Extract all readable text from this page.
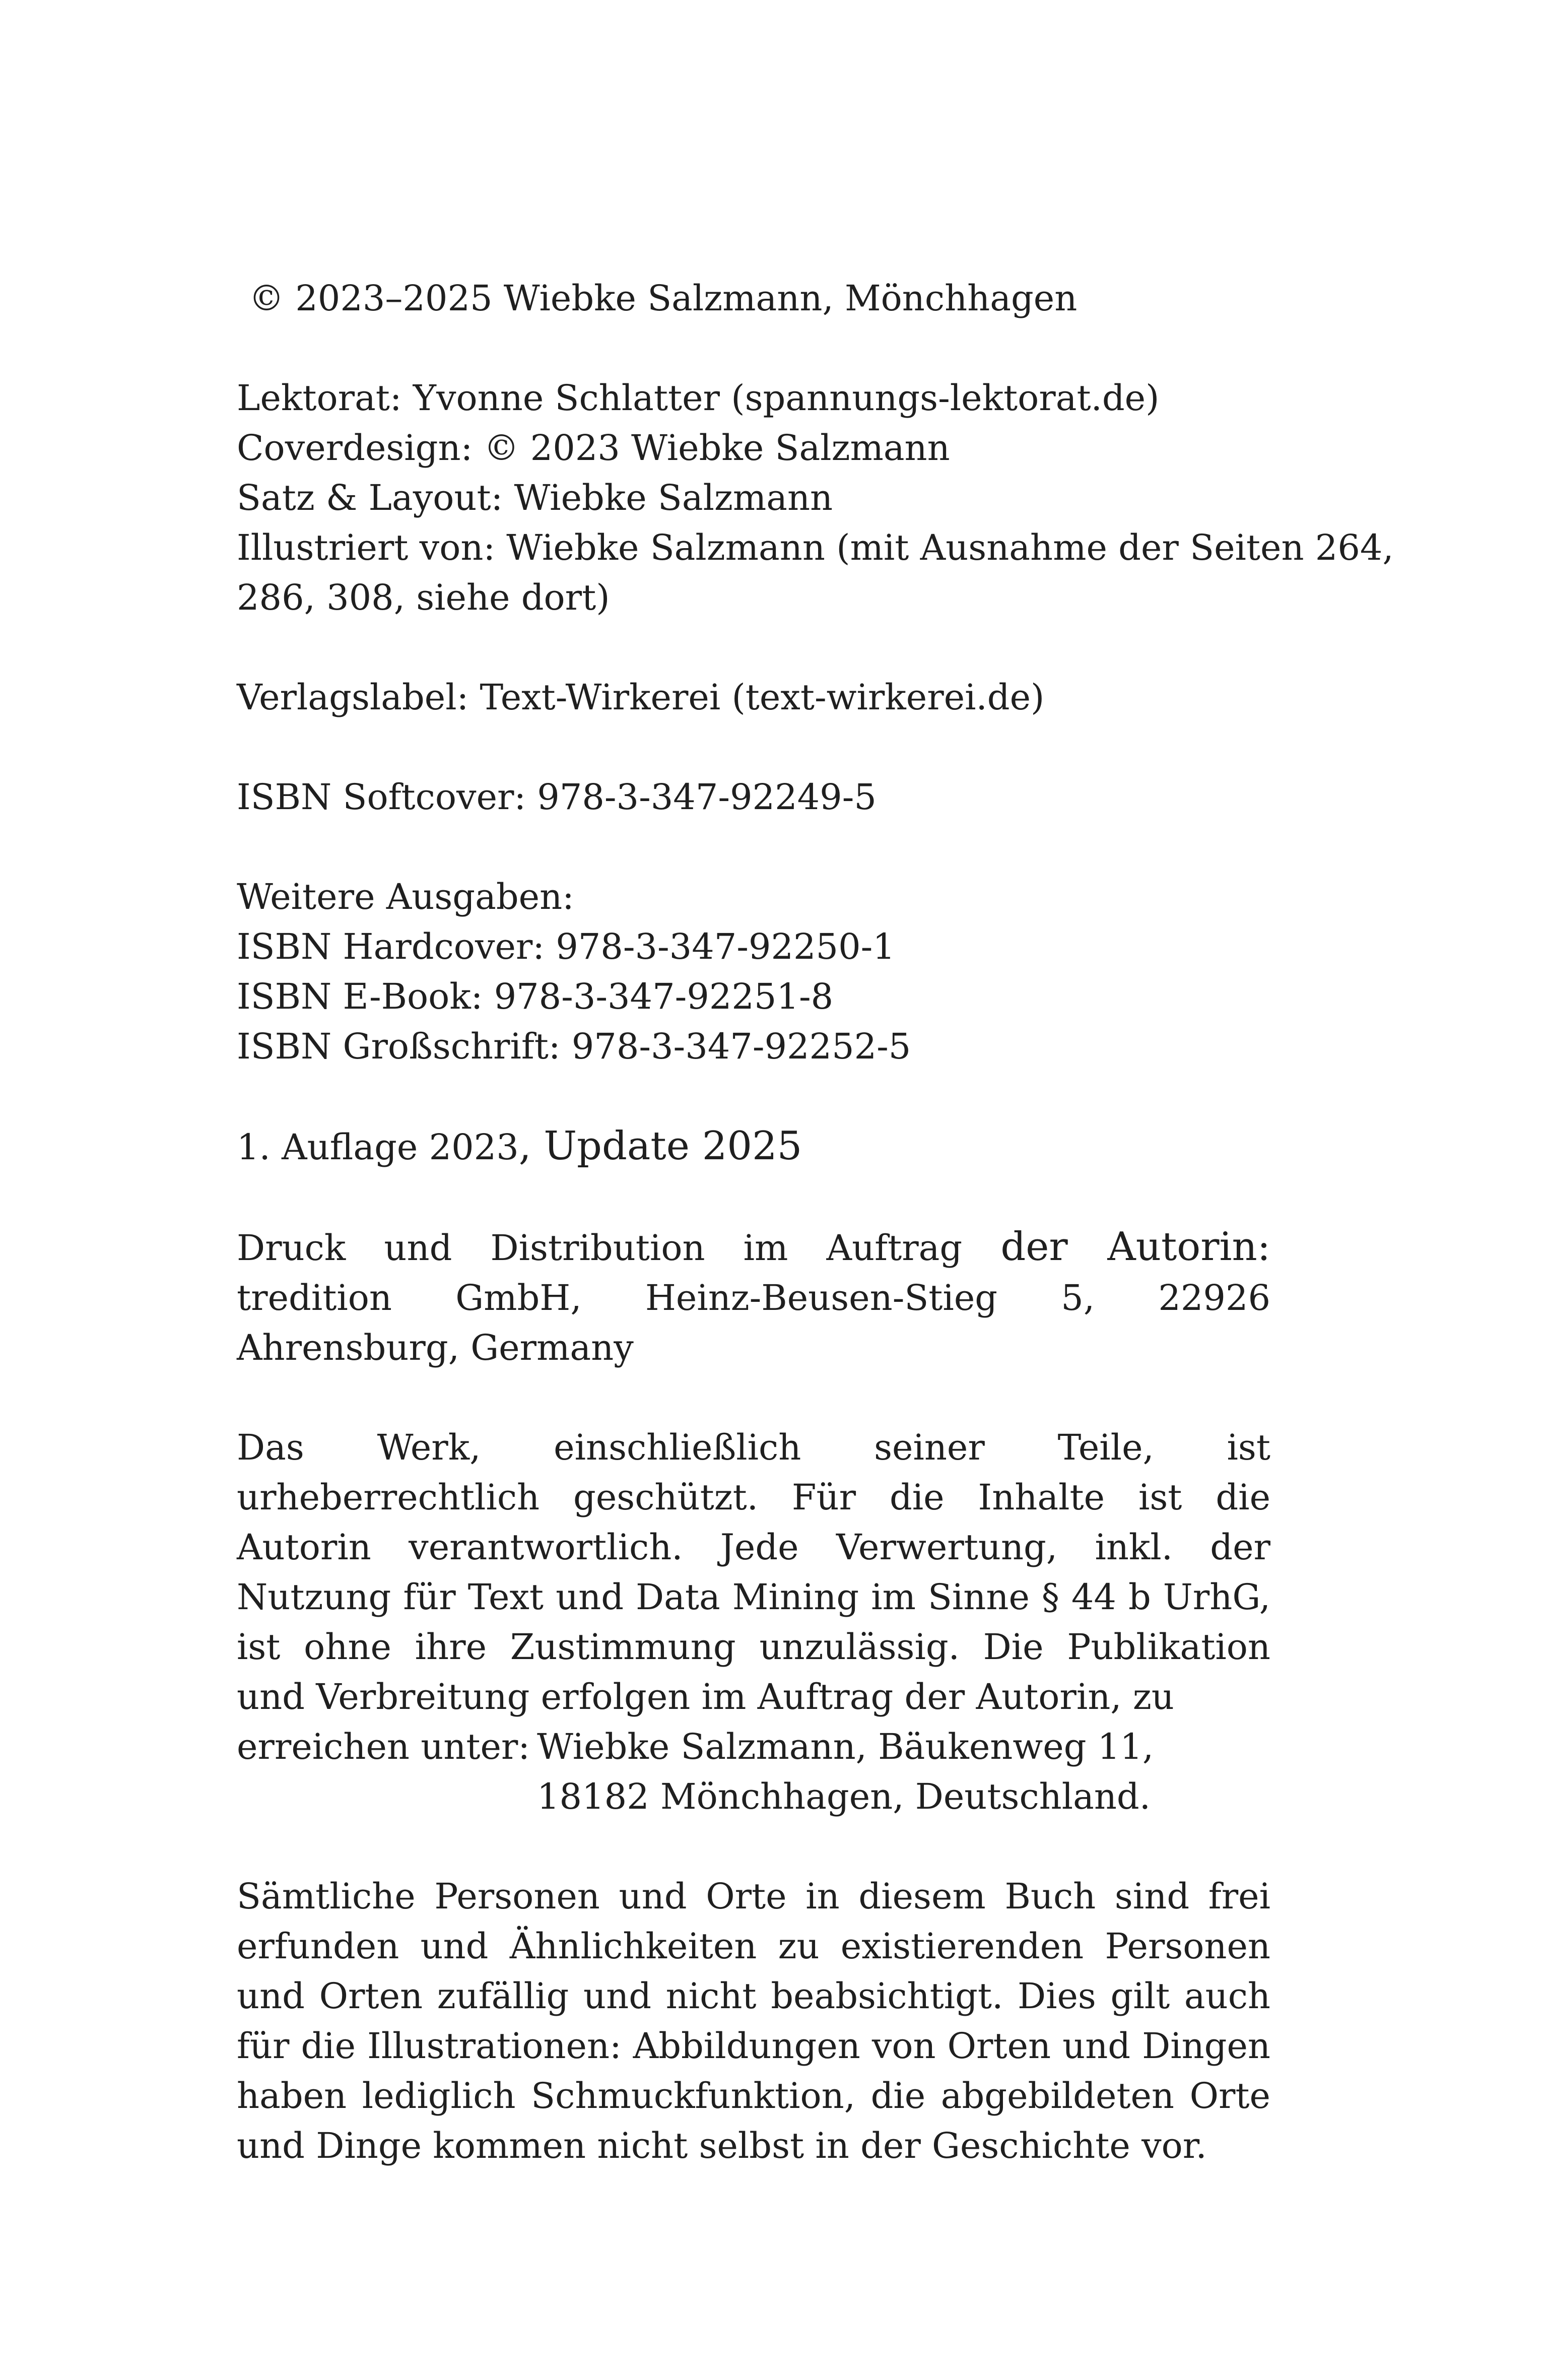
© 2023–2025 Wiebke Salzmann, Mönchhagen
Lektorat: Yvonne Schlatter (spannungs-lektorat.de)
Coverdesign: © 2023 Wiebke Salzmann
Satz & Layout: Wiebke Salzmann
Illustriert von: Wiebke Salzmann (mit Ausnahme der Seiten 264,
286, 308, siehe dort)
Verlagslabel: Text-Wirkerei (text-wirkerei.de)
ISBN Softcover: 978-3-347-92249-5
Weitere Ausgaben:
ISBN Hardcover: 978-3-347-92250-1
ISBN E-Book: 978-3-347-92251-8
ISBN Großschrift: 978-3-347-92252-5
1. Auflage 2023, Update 2025
Druck und Distribution im Auftrag der Autorin: tredition GmbH, Heinz-Beusen-Stieg 5, 22926 Ahrensburg, Germany
Das Werk, einschließlich seiner Teile, ist urheberrechtlich geschützt. Für die Inhalte ist die Autorin verantwortlich. Jede Verwertung, inkl. der Nutzung für Text und Data Mining im Sinne § 44 b UrhG, ist ohne ihre Zustimmung unzulässig. Die Publikation und Verbreitung erfolgen im Auftrag der Autorin, zu
erreichen unter: Wiebke Salzmann, Bäukenweg 11,
18182 Mönchhagen, Deutschland.
Sämtliche Personen und Orte in diesem Buch sind frei erfunden und Ähnlichkeiten zu existierenden Personen und Orten zufällig und nicht beabsichtigt. Dies gilt auch für die Illustrationen: Abbildungen von Orten und Dingen haben lediglich Schmuckfunktion, die abgebildeten Orte und Dinge kommen nicht selbst in der Geschichte vor.
